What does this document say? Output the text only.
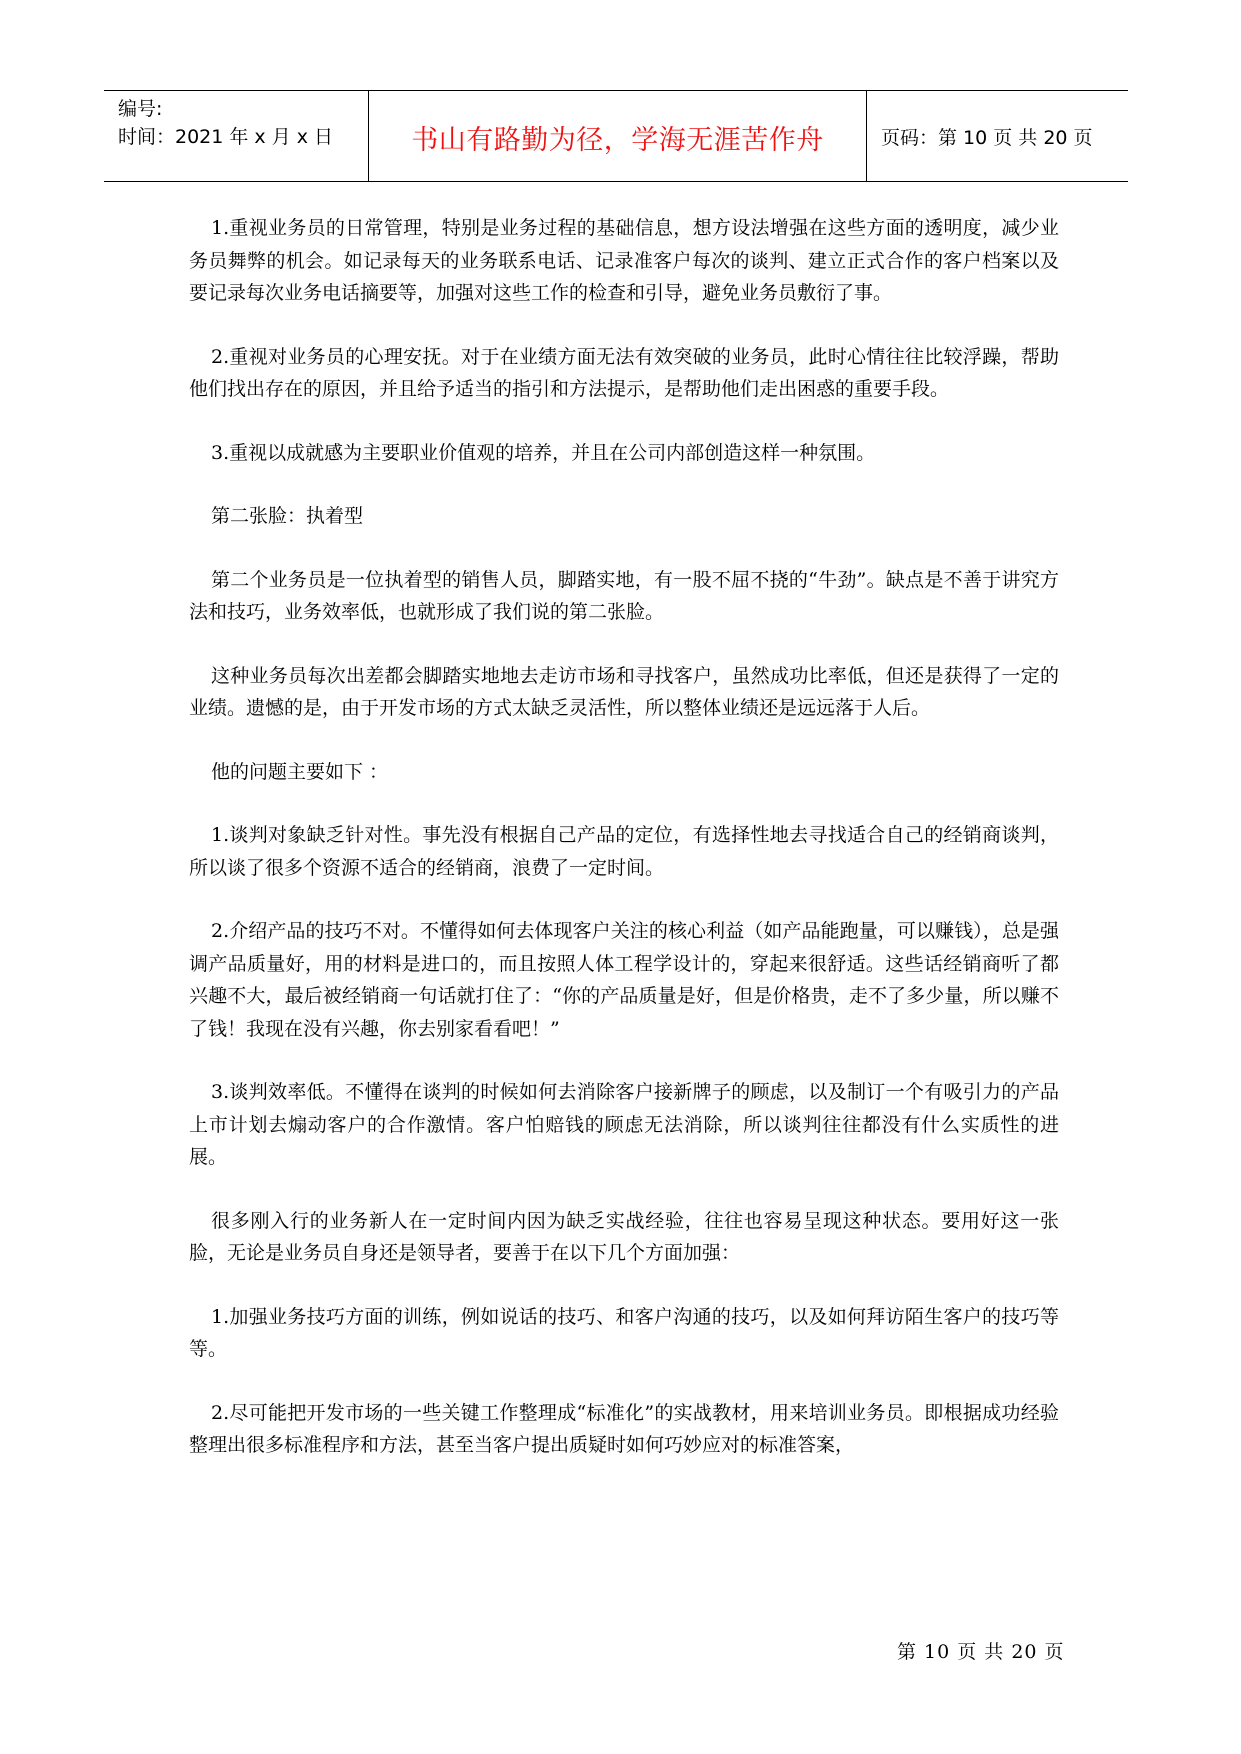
编号:
时间：2021 年 x 月 x 日	书山有路勤为径，学海无涯苦作舟	页码：第 10 页 共 20 页

1.重视业务员的日常管理，特别是业务过程的基础信息，想方设法增强在这些方面的透明度，减少业务员舞弊的机会。如记录每天的业务联系电话、记录准客户每次的谈判、建立正式合作的客户档案以及要记录每次业务电话摘要等，加强对这些工作的检查和引导，避免业务员敷衍了事。

2.重视对业务员的心理安抚。对于在业绩方面无法有效突破的业务员，此时心情往往比较浮躁，帮助他们找出存在的原因，并且给予适当的指引和方法提示，是帮助他们走出困惑的重要手段。

3.重视以成就感为主要职业价值观的培养，并且在公司内部创造这样一种氛围。

第二张脸：执着型

第二个业务员是一位执着型的销售人员，脚踏实地，有一股不屈不挠的“牛劲”。缺点是不善于讲究方法和技巧，业务效率低，也就形成了我们说的第二张脸。

这种业务员每次出差都会脚踏实地地去走访市场和寻找客户，虽然成功比率低，但还是获得了一定的业绩。遗憾的是，由于开发市场的方式太缺乏灵活性，所以整体业绩还是远远落于人后。

他的问题主要如下 ：

1.谈判对象缺乏针对性。事先没有根据自己产品的定位，有选择性地去寻找适合自己的经销商谈判，所以谈了很多个资源不适合的经销商，浪费了一定时间。

2.介绍产品的技巧不对。不懂得如何去体现客户关注的核心利益（如产品能跑量，可以赚钱），总是强调产品质量好，用的材料是进口的，而且按照人体工程学设计的，穿起来很舒适。这些话经销商听了都兴趣不大，最后被经销商一句话就打住了：“你的产品质量是好，但是价格贵，走不了多少量，所以赚不了钱！我现在没有兴趣，你去别家看看吧！”

3.谈判效率低。不懂得在谈判的时候如何去消除客户接新牌子的顾虑，以及制订一个有吸引力的产品上市计划去煽动客户的合作激情。客户怕赔钱的顾虑无法消除，所以谈判往往都没有什么实质性的进展。

很多刚入行的业务新人在一定时间内因为缺乏实战经验，往往也容易呈现这种状态。要用好这一张脸，无论是业务员自身还是领导者，要善于在以下几个方面加强：

1.加强业务技巧方面的训练，例如说话的技巧、和客户沟通的技巧，以及如何拜访陌生客户的技巧等等。

2.尽可能把开发市场的一些关键工作整理成“标准化”的实战教材，用来培训业务员。即根据成功经验整理出很多标准程序和方法，甚至当客户提出质疑时如何巧妙应对的标准答案，

第 10 页 共 20 页
